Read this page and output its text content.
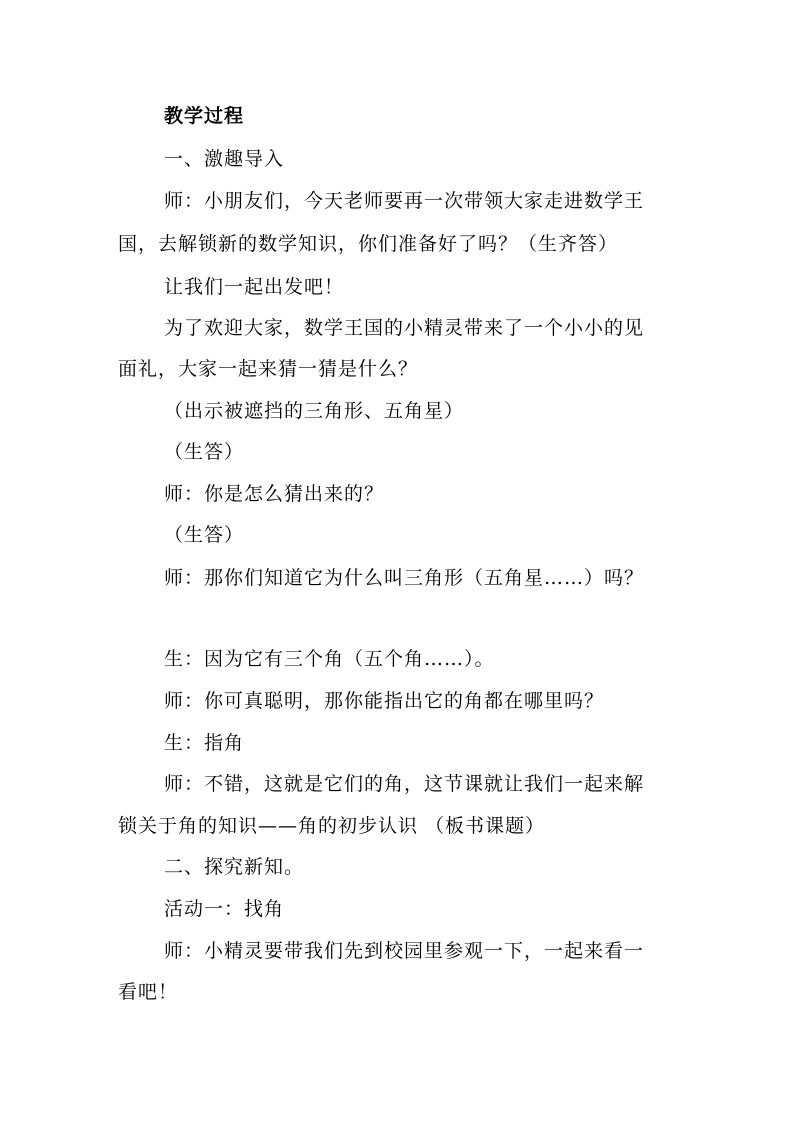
教学过程
一、激趣导入
师：小朋友们，今天老师要再一次带领大家走进数学王
国，去解锁新的数学知识，你们准备好了吗？（生齐答）
让我们一起出发吧！
为了欢迎大家，数学王国的小精灵带来了一个小小的见
面礼，大家一起来猜一猜是什么？
（出示被遮挡的三角形、五角星）
（生答）
师：你是怎么猜出来的？
（生答）
师：那你们知道它为什么叫三角形（五角星……）吗？
生：因为它有三个角（五个角……）。
师：你可真聪明，那你能指出它的角都在哪里吗？
生：指角
师：不错，这就是它们的角，这节课就让我们一起来解
锁关于角的知识——角的初步认识 （板书课题）
二、探究新知。
活动一：找角
师：小精灵要带我们先到校园里参观一下，一起来看一
看吧！
